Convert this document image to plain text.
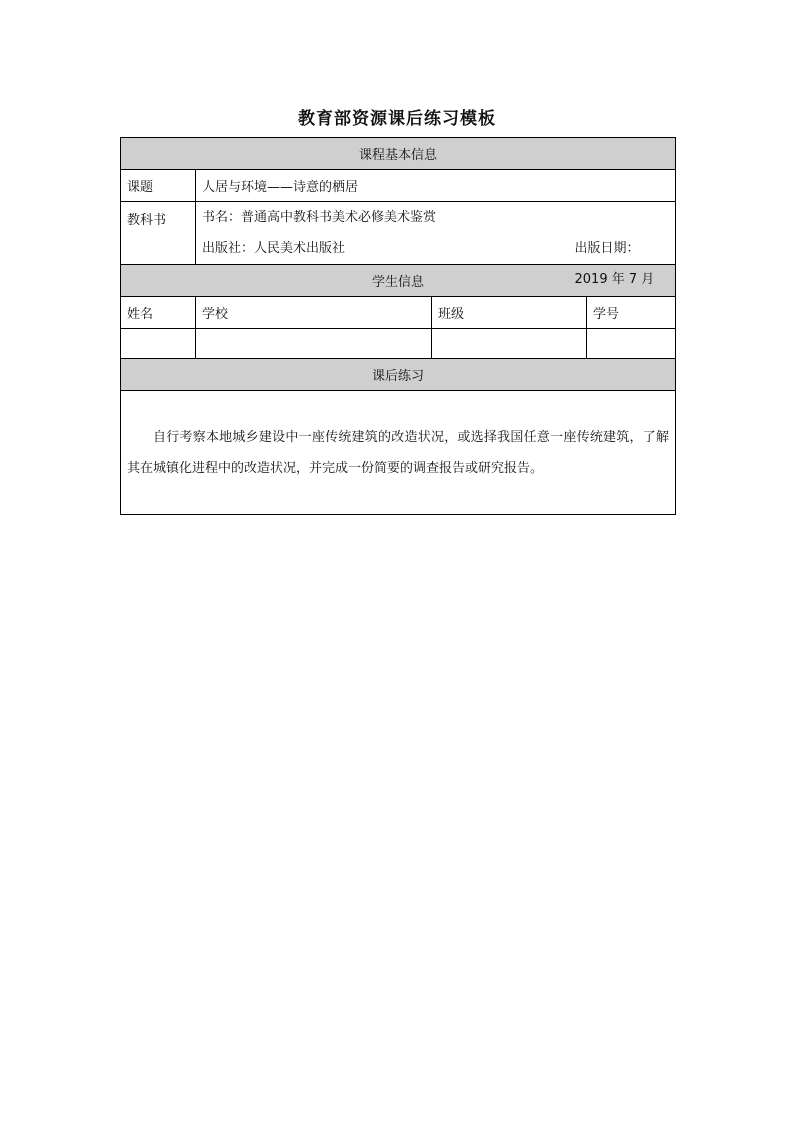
教育部资源课后练习模板
课程基本信息			
课题	人居与环境——诗意的栖居		
教科书	书名：普通高中教科书美术必修美术鉴赏
出版社：人民美术出版社 出版日期： 2019 年 7 月		

学生信息			
姓名	学校	班级	学号

课后练习			

自行考察本地城乡建设中一座传统建筑的改造状况，或选择我国任意一座传统建筑，了解其在城镇化进程中的改造状况，并完成一份简要的调查报告或研究报告。			
